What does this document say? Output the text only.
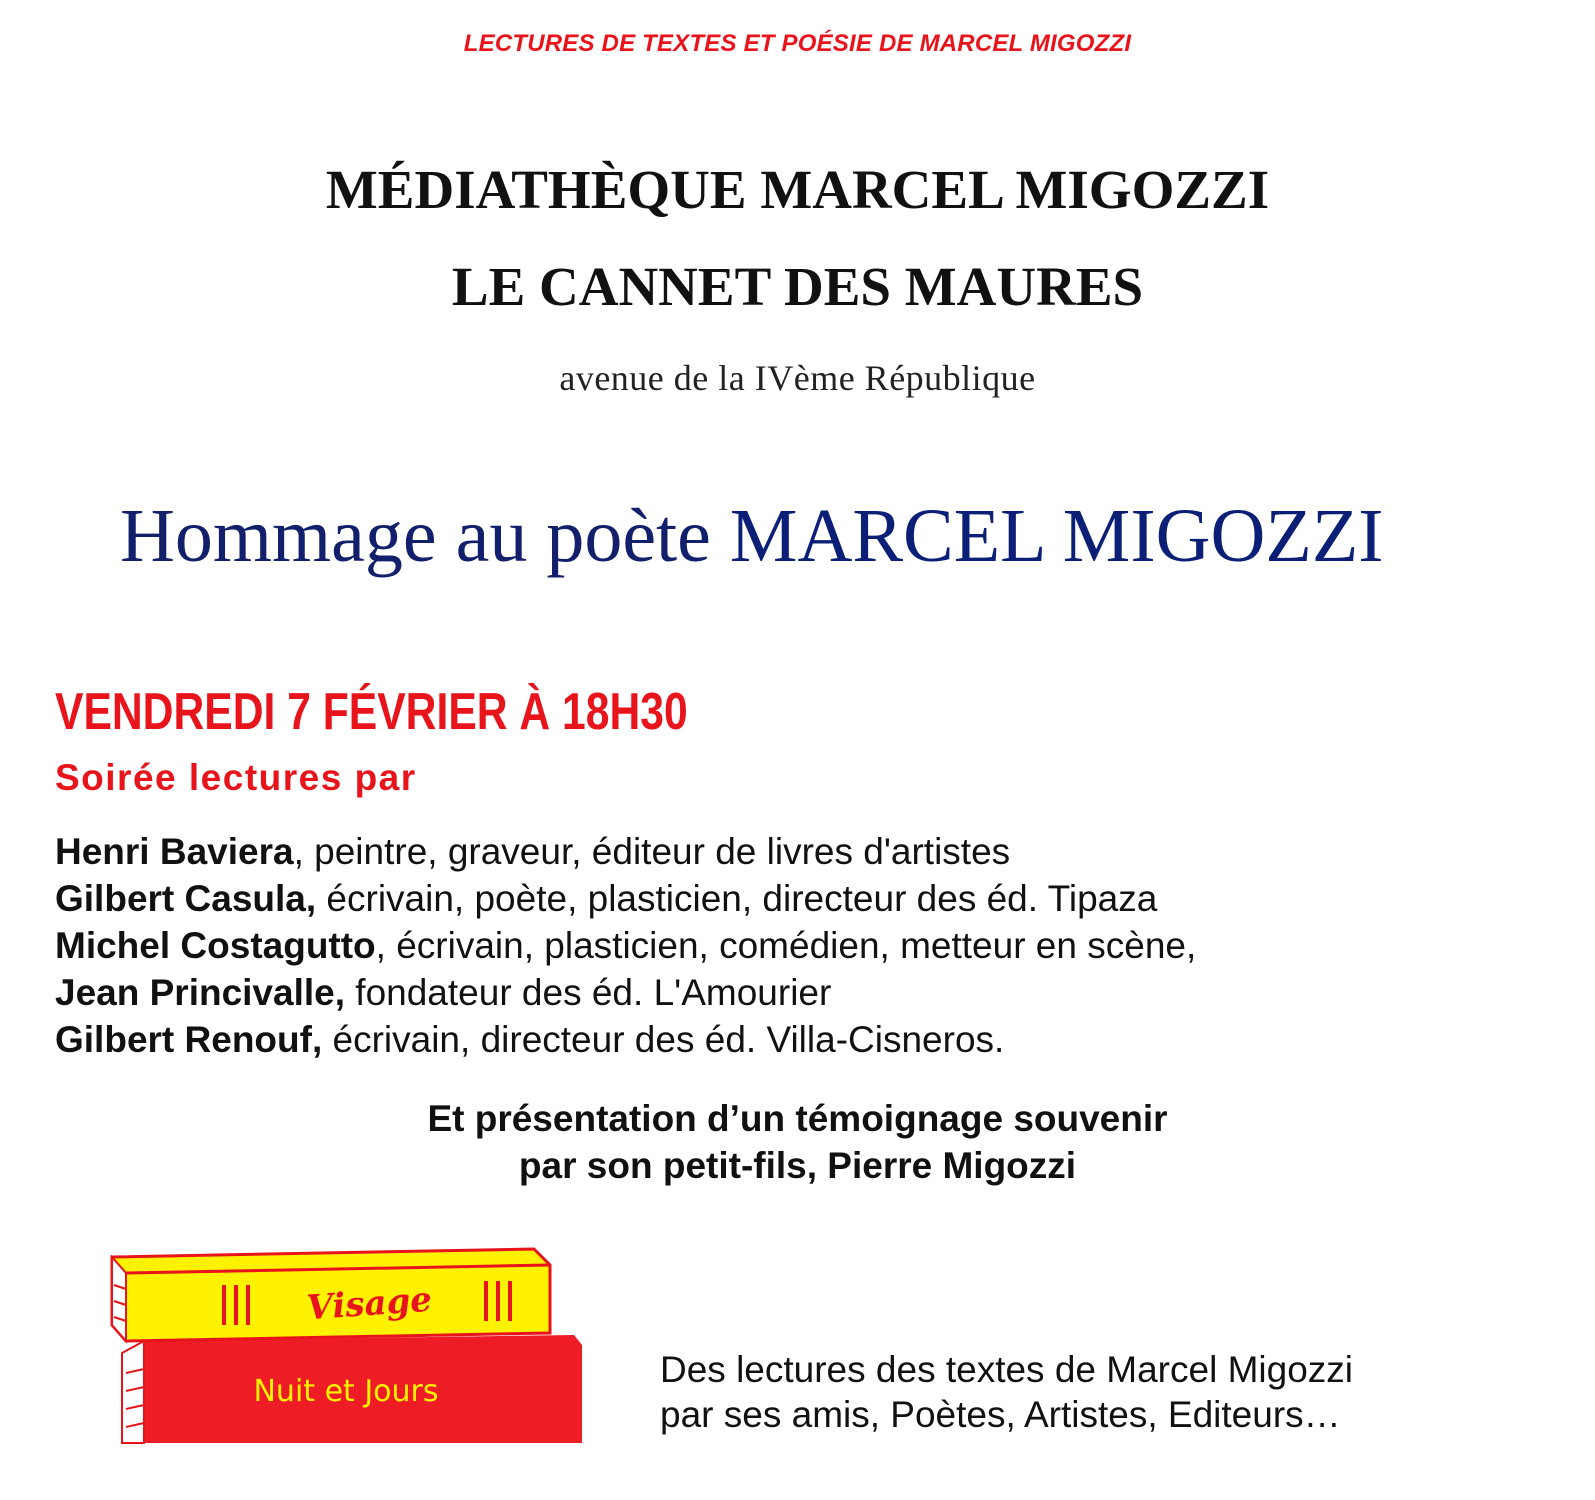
LECTURES DE TEXTES ET POÉSIE DE MARCEL MIGOZZI
MÉDIATHÈQUE MARCEL MIGOZZI
LE CANNET DES MAURES
avenue de la IVème République
Hommage au poète MARCEL MIGOZZI
VENDREDI 7 FÉVRIER À 18H30
Soirée lectures par
Henri Baviera, peintre, graveur, éditeur de livres d'artistes
Gilbert Casula, écrivain, poète, plasticien, directeur des éd. Tipaza
Michel Costagutto, écrivain, plasticien, comédien, metteur en scène,
Jean Princivalle, fondateur des éd. L'Amourier
Gilbert Renouf, écrivain, directeur des éd. Villa-Cisneros.
Et présentation d’un témoignage souvenir
par son petit-fils, Pierre Migozzi
Nuit et Jours
Visage
Des lectures des textes de Marcel Migozzi
par ses amis, Poètes, Artistes, Editeurs…
